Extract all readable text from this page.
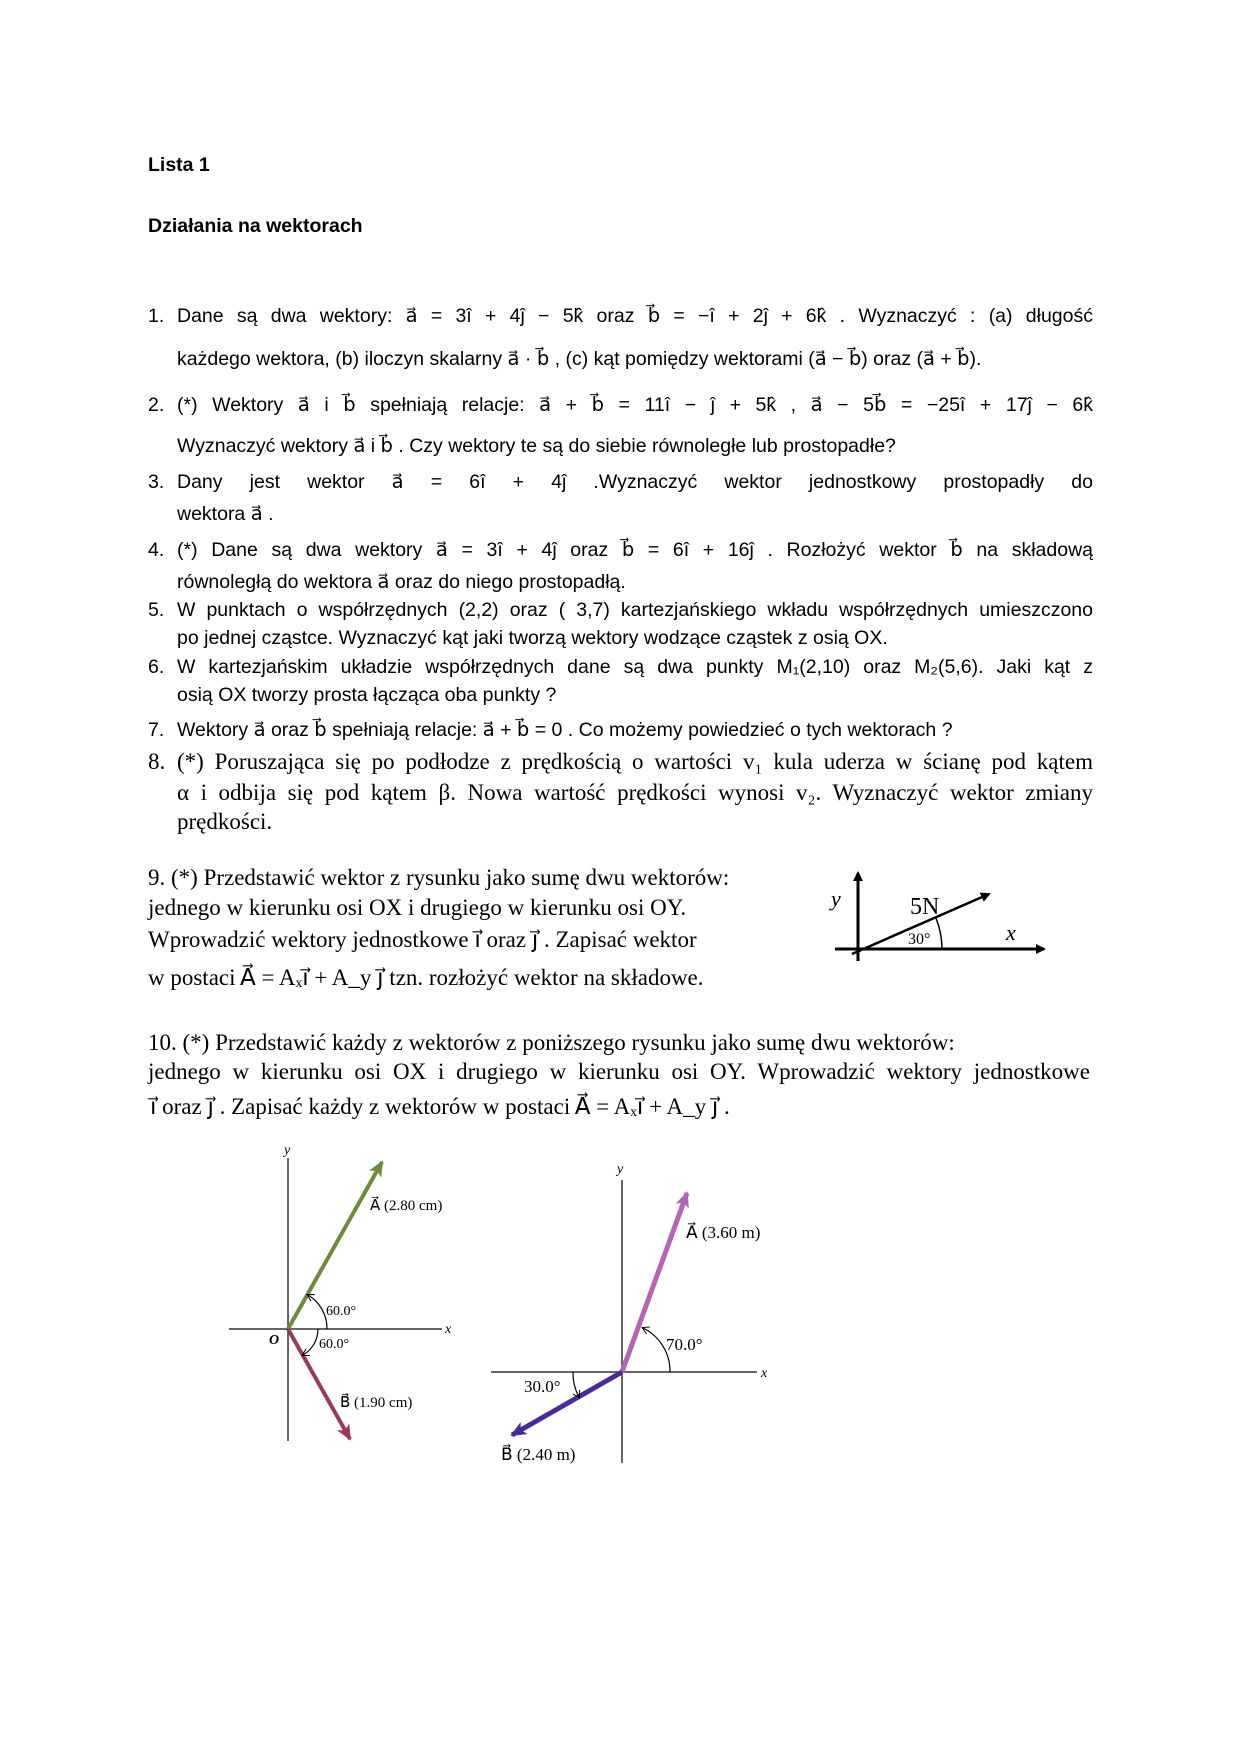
Lista 1
Działania na wektorach
1. Dane są dwa wektory: a⃗ = 3î + 4ĵ − 5k̂ oraz b⃗ = −î + 2ĵ + 6k̂ . Wyznaczyć : (a) długość
każdego wektora, (b) iloczyn skalarny a⃗ · b⃗ , (c) kąt pomiędzy wektorami (a⃗ − b⃗) oraz (a⃗ + b⃗).
2. (*) Wektory a⃗ i b⃗ spełniają relacje: a⃗ + b⃗ = 11î − ĵ + 5k̂ , a⃗ − 5b⃗ = −25î + 17ĵ − 6k̂
Wyznaczyć wektory a⃗ i b⃗ . Czy wektory te są do siebie równoległe lub prostopadłe?
3. Dany jest wektor a⃗ = 6î + 4ĵ .Wyznaczyć wektor jednostkowy prostopadły do
wektora a⃗ .
4. (*) Dane są dwa wektory a⃗ = 3î + 4ĵ oraz b⃗ = 6î + 16ĵ . Rozłożyć wektor b⃗ na składową
równoległą do wektora a⃗ oraz do niego prostopadłą.
5. W punktach o współrzędnych (2,2) oraz ( 3,7) kartezjańskiego wkładu współrzędnych umieszczono
po jednej cząstce. Wyznaczyć kąt jaki tworzą wektory wodzące cząstek z osią OX.
6. W kartezjańskim układzie współrzędnych dane są dwa punkty M₁(2,10) oraz M₂(5,6). Jaki kąt z
osią OX tworzy prosta łącząca oba punkty ?
7. Wektory a⃗ oraz b⃗ spełniają relacje: a⃗ + b⃗ = 0 . Co możemy powiedzieć o tych wektorach ?
8. (*) Poruszająca się po podłodze z prędkością o wartości v₁ kula uderza w ścianę pod kątem
α i odbija się pod kątem β. Nowa wartość prędkości wynosi v₂. Wyznaczyć wektor zmiany
prędkości.
9. (*) Przedstawić wektor z rysunku jako sumę dwu wektorów:
jednego w kierunku osi OX i drugiego w kierunku osi OY.
Wprowadzić wektory jednostkowe i⃗ oraz j⃗ . Zapisać wektor
w postaci A⃗ = Aₓi⃗ + A_y j⃗ tzn. rozłożyć wektor na składowe.
10. (*) Przedstawić każdy z wektorów z poniższego rysunku jako sumę dwu wektorów:
jednego w kierunku osi OX i drugiego w kierunku osi OY. Wprowadzić wektory jednostkowe
i⃗ oraz j⃗ . Zapisać każdy z wektorów w postaci A⃗ = Aₓi⃗ + A_y j⃗ .
y
x
5N
30°
y
x
O
A⃗ (2.80 cm)
60.0°
60.0°
B⃗ (1.90 cm)
y
x
A⃗ (3.60 m)
70.0°
30.0°
B⃗ (2.40 m)
